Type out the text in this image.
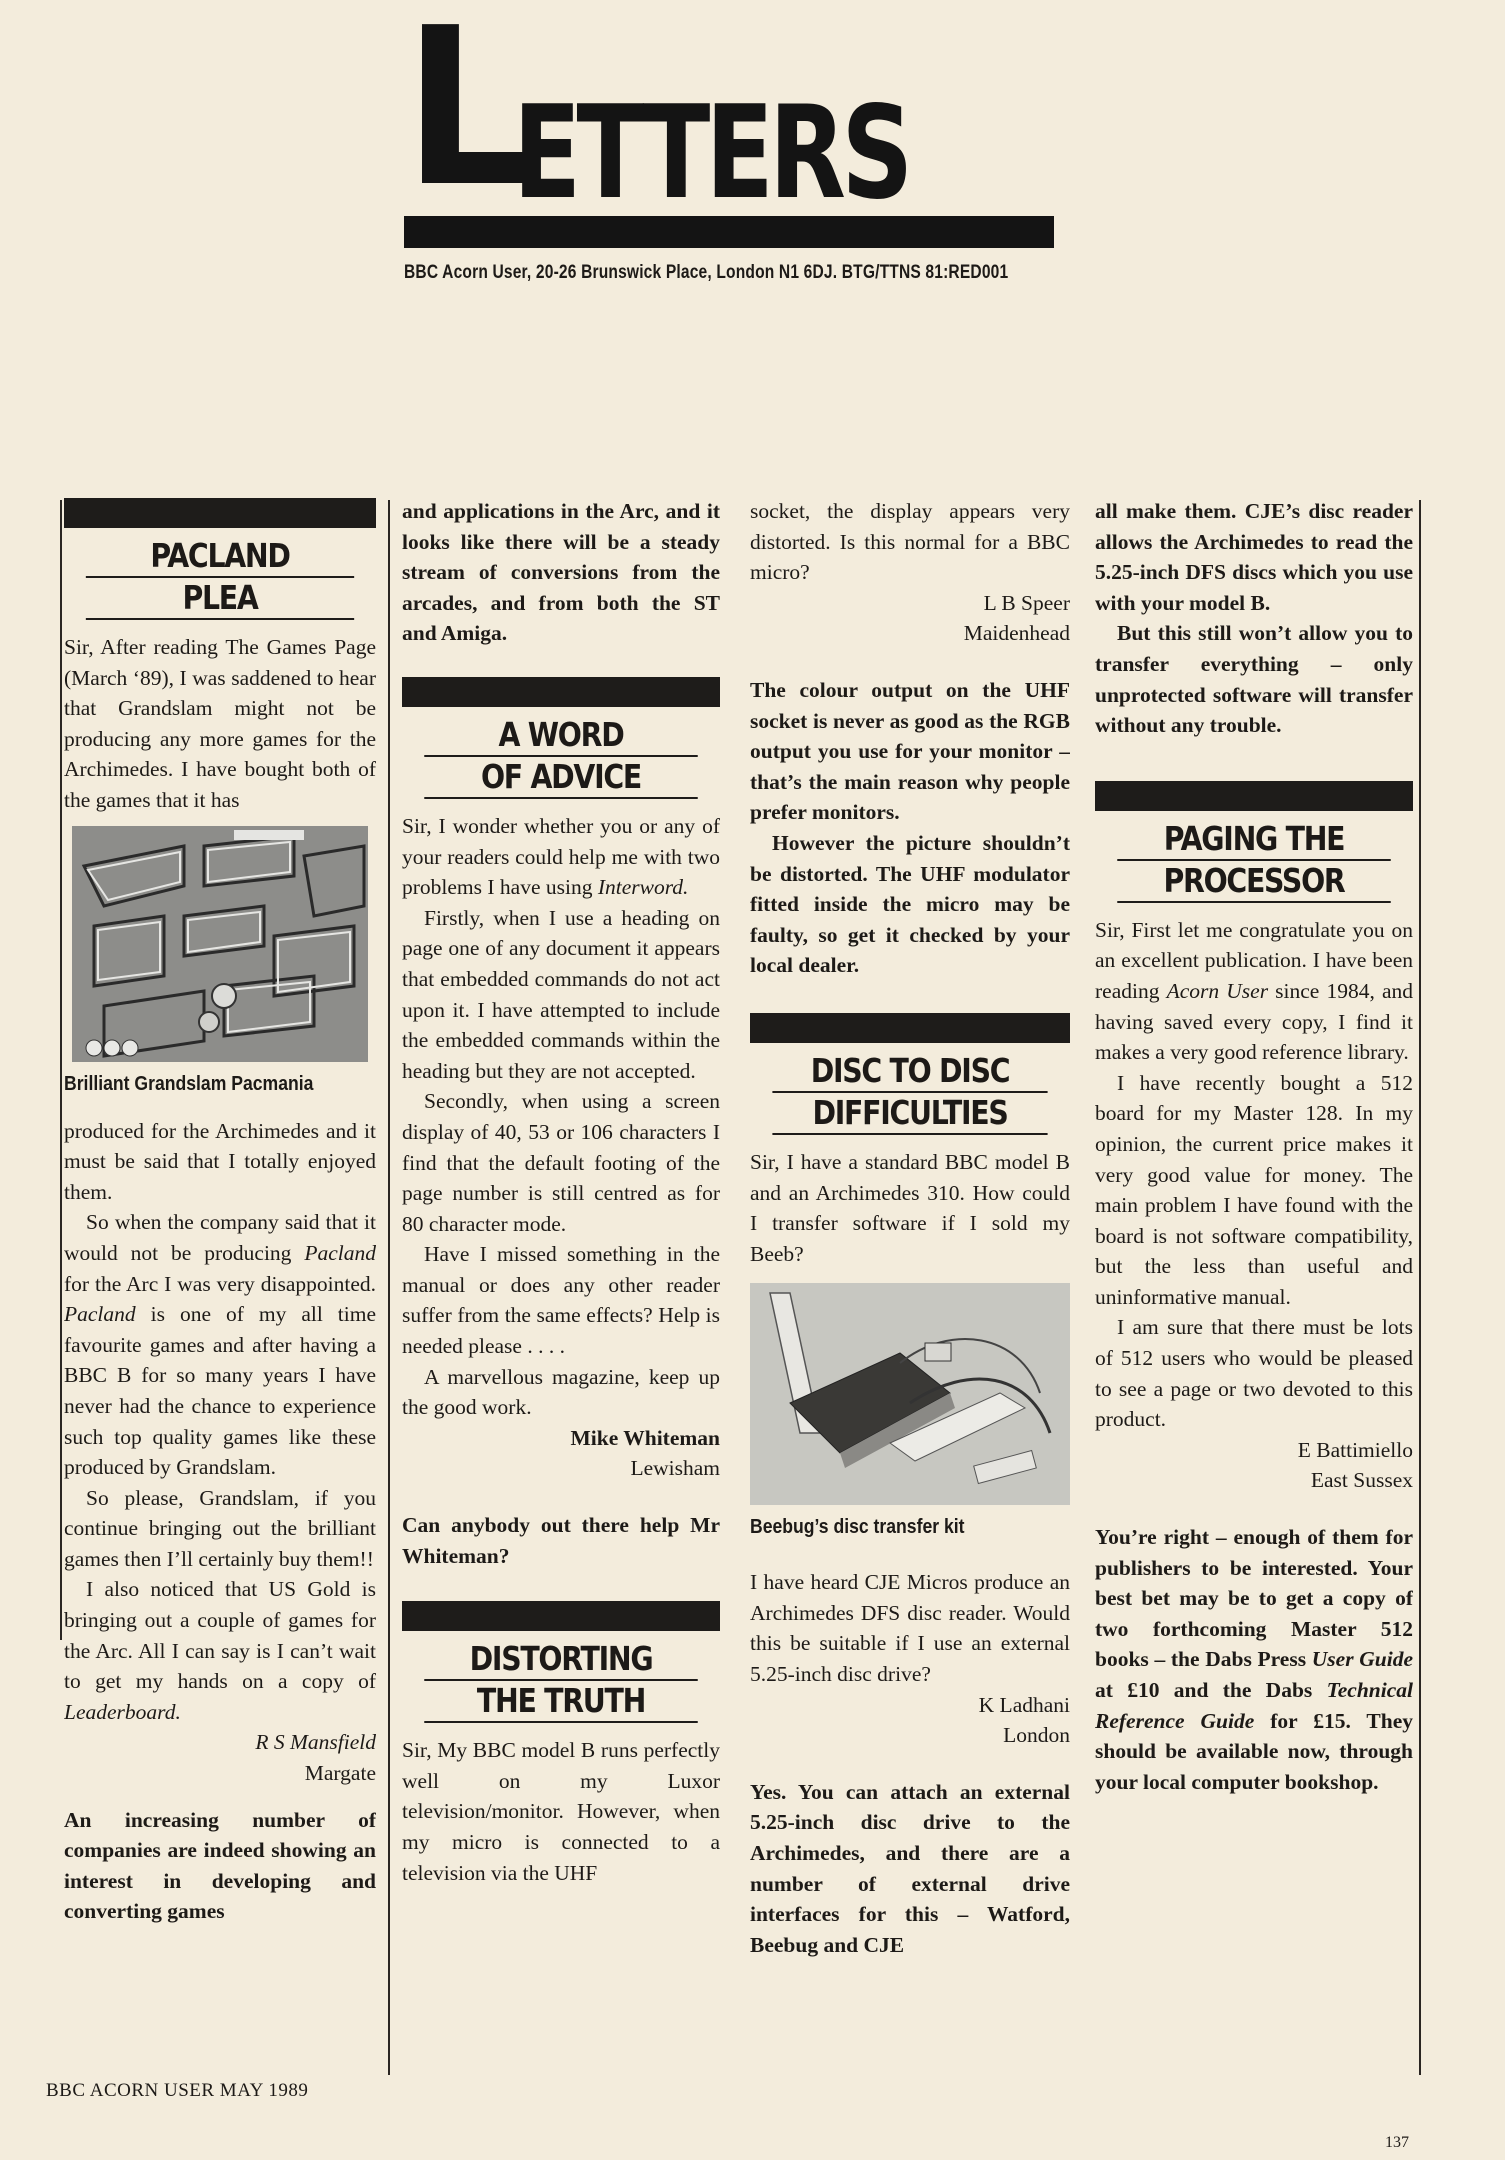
LETTERS
BBC Acorn User, 20-26 Brunswick Place, London N1 6DJ. BTG/TTNS 81:RED001
PACLAND
PLEA

Sir, After reading The Games Page (March ‘89), I was saddened to hear that Grandslam might not be producing any more games for the Archimedes. I have bought both of the games that it has

Brilliant Grandslam Pacmania

produced for the Archimedes and it must be said that I totally enjoyed them.

So when the company said that it would not be producing Pacland for the Arc I was very disappointed. Pacland is one of my all time favourite games and after having a BBC B for so many years I have never had the chance to experience such top quality games like these produced by Grandslam.

So please, Grandslam, if you continue bringing out the brilliant games then I’ll certainly buy them!!

I also noticed that US Gold is bringing out a couple of games for the Arc. All I can say is I can’t wait to get my hands on a copy of Leaderboard.

R S Mansfield

Margate

An increasing number of companies are indeed showing an interest in developing and converting games

and applications in the Arc, and it looks like there will be a steady stream of conversions from the arcades, and from both the ST and Amiga.

A WORD
OF ADVICE

Sir, I wonder whether you or any of your readers could help me with two problems I have using Interword.

Firstly, when I use a heading on page one of any document it appears that embedded commands do not act upon it. I have attempted to include the embedded commands within the heading but they are not accepted.

Secondly, when using a screen display of 40, 53 or 106 characters I find that the default footing of the page number is still centred as for 80 character mode.

Have I missed something in the manual or does any other reader suffer from the same effects? Help is needed please . . . .

A marvellous magazine, keep up the good work.

Mike Whiteman

Lewisham

Can anybody out there help Mr Whiteman?

DISTORTING
THE TRUTH

Sir, My BBC model B runs perfectly well on my Luxor television/monitor. However, when my micro is connected to a television via the UHF

socket, the display appears very distorted. Is this normal for a BBC micro?

L B Speer

Maidenhead

The colour output on the UHF socket is never as good as the RGB output you use for your monitor – that’s the main reason why people prefer monitors.

However the picture shouldn’t be distorted. The UHF modulator fitted inside the micro may be faulty, so get it checked by your local dealer.

DISC TO DISC
DIFFICULTIES

Sir, I have a standard BBC model B and an Archimedes 310. How could I transfer software if I sold my Beeb?

Beebug’s disc transfer kit

I have heard CJE Micros produce an Archimedes DFS disc reader. Would this be suitable if I use an external 5.25-inch disc drive?

K Ladhani

London

Yes. You can attach an external 5.25-inch disc drive to the Archimedes, and there are a number of external drive interfaces for this – Watford, Beebug and CJE

all make them. CJE’s disc reader allows the Archimedes to read the 5.25-inch DFS discs which you use with your model B.

But this still won’t allow you to transfer everything – only unprotected software will transfer without any trouble.

PAGING THE
PROCESSOR

Sir, First let me congratulate you on an excellent publication. I have been reading Acorn User since 1984, and having saved every copy, I find it makes a very good reference library.

I have recently bought a 512 board for my Master 128. In my opinion, the current price makes it very good value for money. The main problem I have found with the board is not software compatibility, but the less than useful and uninformative manual.

I am sure that there must be lots of 512 users who would be pleased to see a page or two devoted to this product.

E Battimiello

East Sussex

You’re right – enough of them for publishers to be interested. Your best bet may be to get a copy of two forthcoming Master 512 books – the Dabs Press User Guide at £10 and the Dabs Technical Reference Guide for £15. They should be available now, through your local computer bookshop.

BBC ACORN USER MAY 1989
137
